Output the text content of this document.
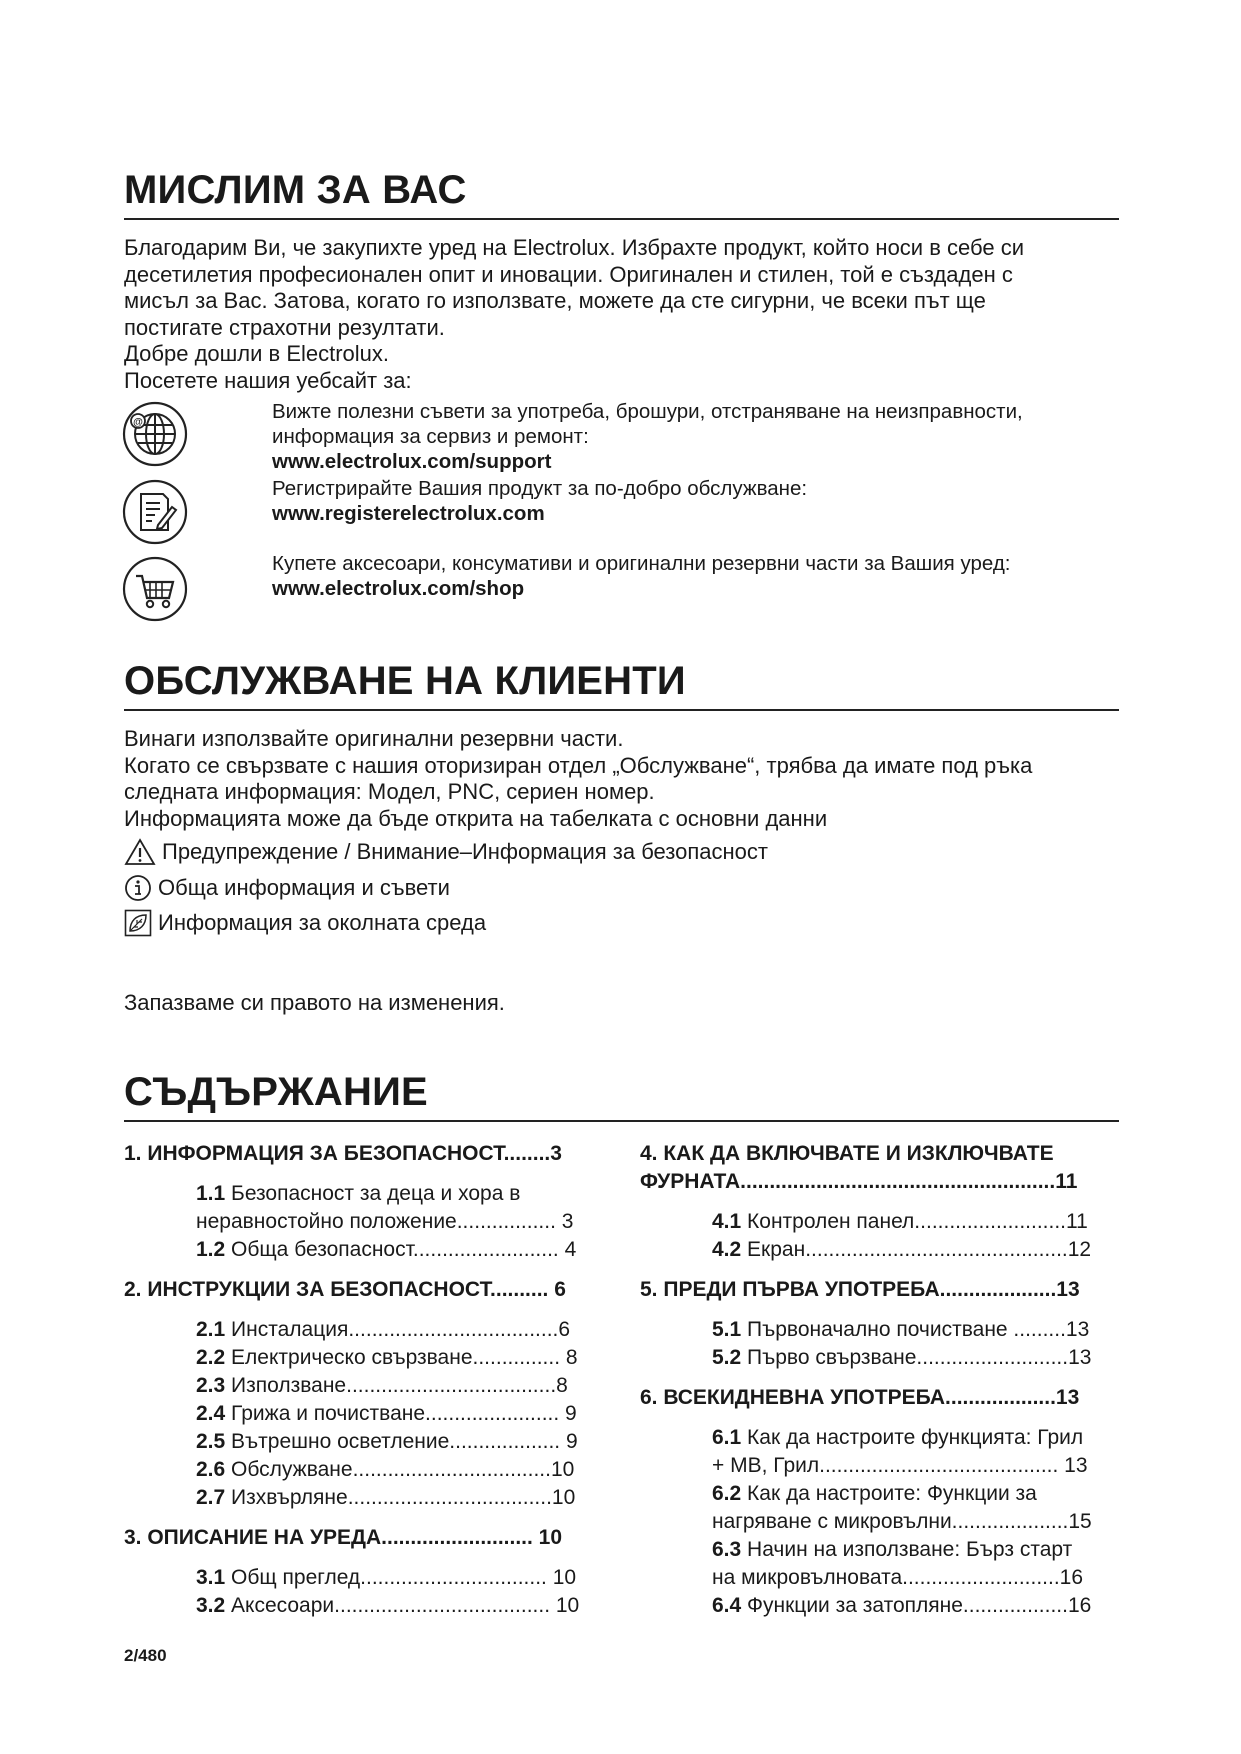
МИСЛИМ ЗА ВАС
Благодарим Ви, че закупихте уред на Electrolux. Избрахте продукт, който носи в себе си
десетилетия професионален опит и иновации. Оригинален и стилен, той е създаден с
мисъл за Вас. Затова, когато го използвате, можете да сте сигурни, че всеки път ще
постигате страхотни резултати.
Добре дошли в Electrolux.
Посетете нашия уебсайт за:
@	Вижте полезни съвети за употреба, брошури, отстраняване на неизправности,
информация за сервиз и ремонт:
www.electrolux.com/support
Регистрирайте Вашия продукт за по-добро обслужване:
www.registerelectrolux.com
Купете аксесоари, консумативи и оригинални резервни части за Вашия уред:
www.electrolux.com/shop
ОБСЛУЖВАНЕ НА КЛИЕНТИ
Винаги използвайте оригинални резервни части.
Когато се свързвате с нашия оторизиран отдел „Обслужване“, трябва да имате под ръка
следната информация: Модел, PNC, сериен номер.
Информацията може да бъде открита на табелката с основни данни
Предупреждение / Внимание–Информация за безопасност
Обща информация и съвети
Информация за околната среда
Запазваме си правото на изменения.
СЪДЪРЖАНИЕ
1. ИНФОРМАЦИЯ ЗА БЕЗОПАСНОСТ........3
1.1 Безопасност за деца и хора в
неравностойно положение................. 3
1.2 Обща безопасност......................... 4
2. ИНСТРУКЦИИ ЗА БЕЗОПАСНОСТ.......... 6
2.1 Инсталация....................................6
2.2 Електрическо свързване............... 8
2.3 Използване....................................8
2.4 Грижа и почистване....................... 9
2.5 Вътрешно осветление................... 9
2.6 Обслужване..................................10
2.7 Изхвърляне...................................10
3. ОПИСАНИЕ НА УРЕДА.......................... 10
3.1 Общ преглед................................ 10
3.2 Аксесоари..................................... 10
4. КАК ДА ВКЛЮЧВАТЕ И ИЗКЛЮЧВАТЕ
ФУРНАТА......................................................11
4.1 Контролен панел..........................11
4.2 Екран.............................................12
5. ПРЕДИ ПЪРВА УПОТРЕБА....................13
5.1 Първоначално почистване .........13
5.2 Първо свързване..........................13
6. ВСЕКИДНЕВНА УПОТРЕБА...................13
6.1 Как да настроите функцията: Грил
+ МВ, Грил......................................... 13
6.2 Как да настроите: Функции за
нагряване с микровълни....................15
6.3 Начин на използване: Бърз старт
на микровълновата...........................16
6.4 Функции за затопляне..................16
2/480
